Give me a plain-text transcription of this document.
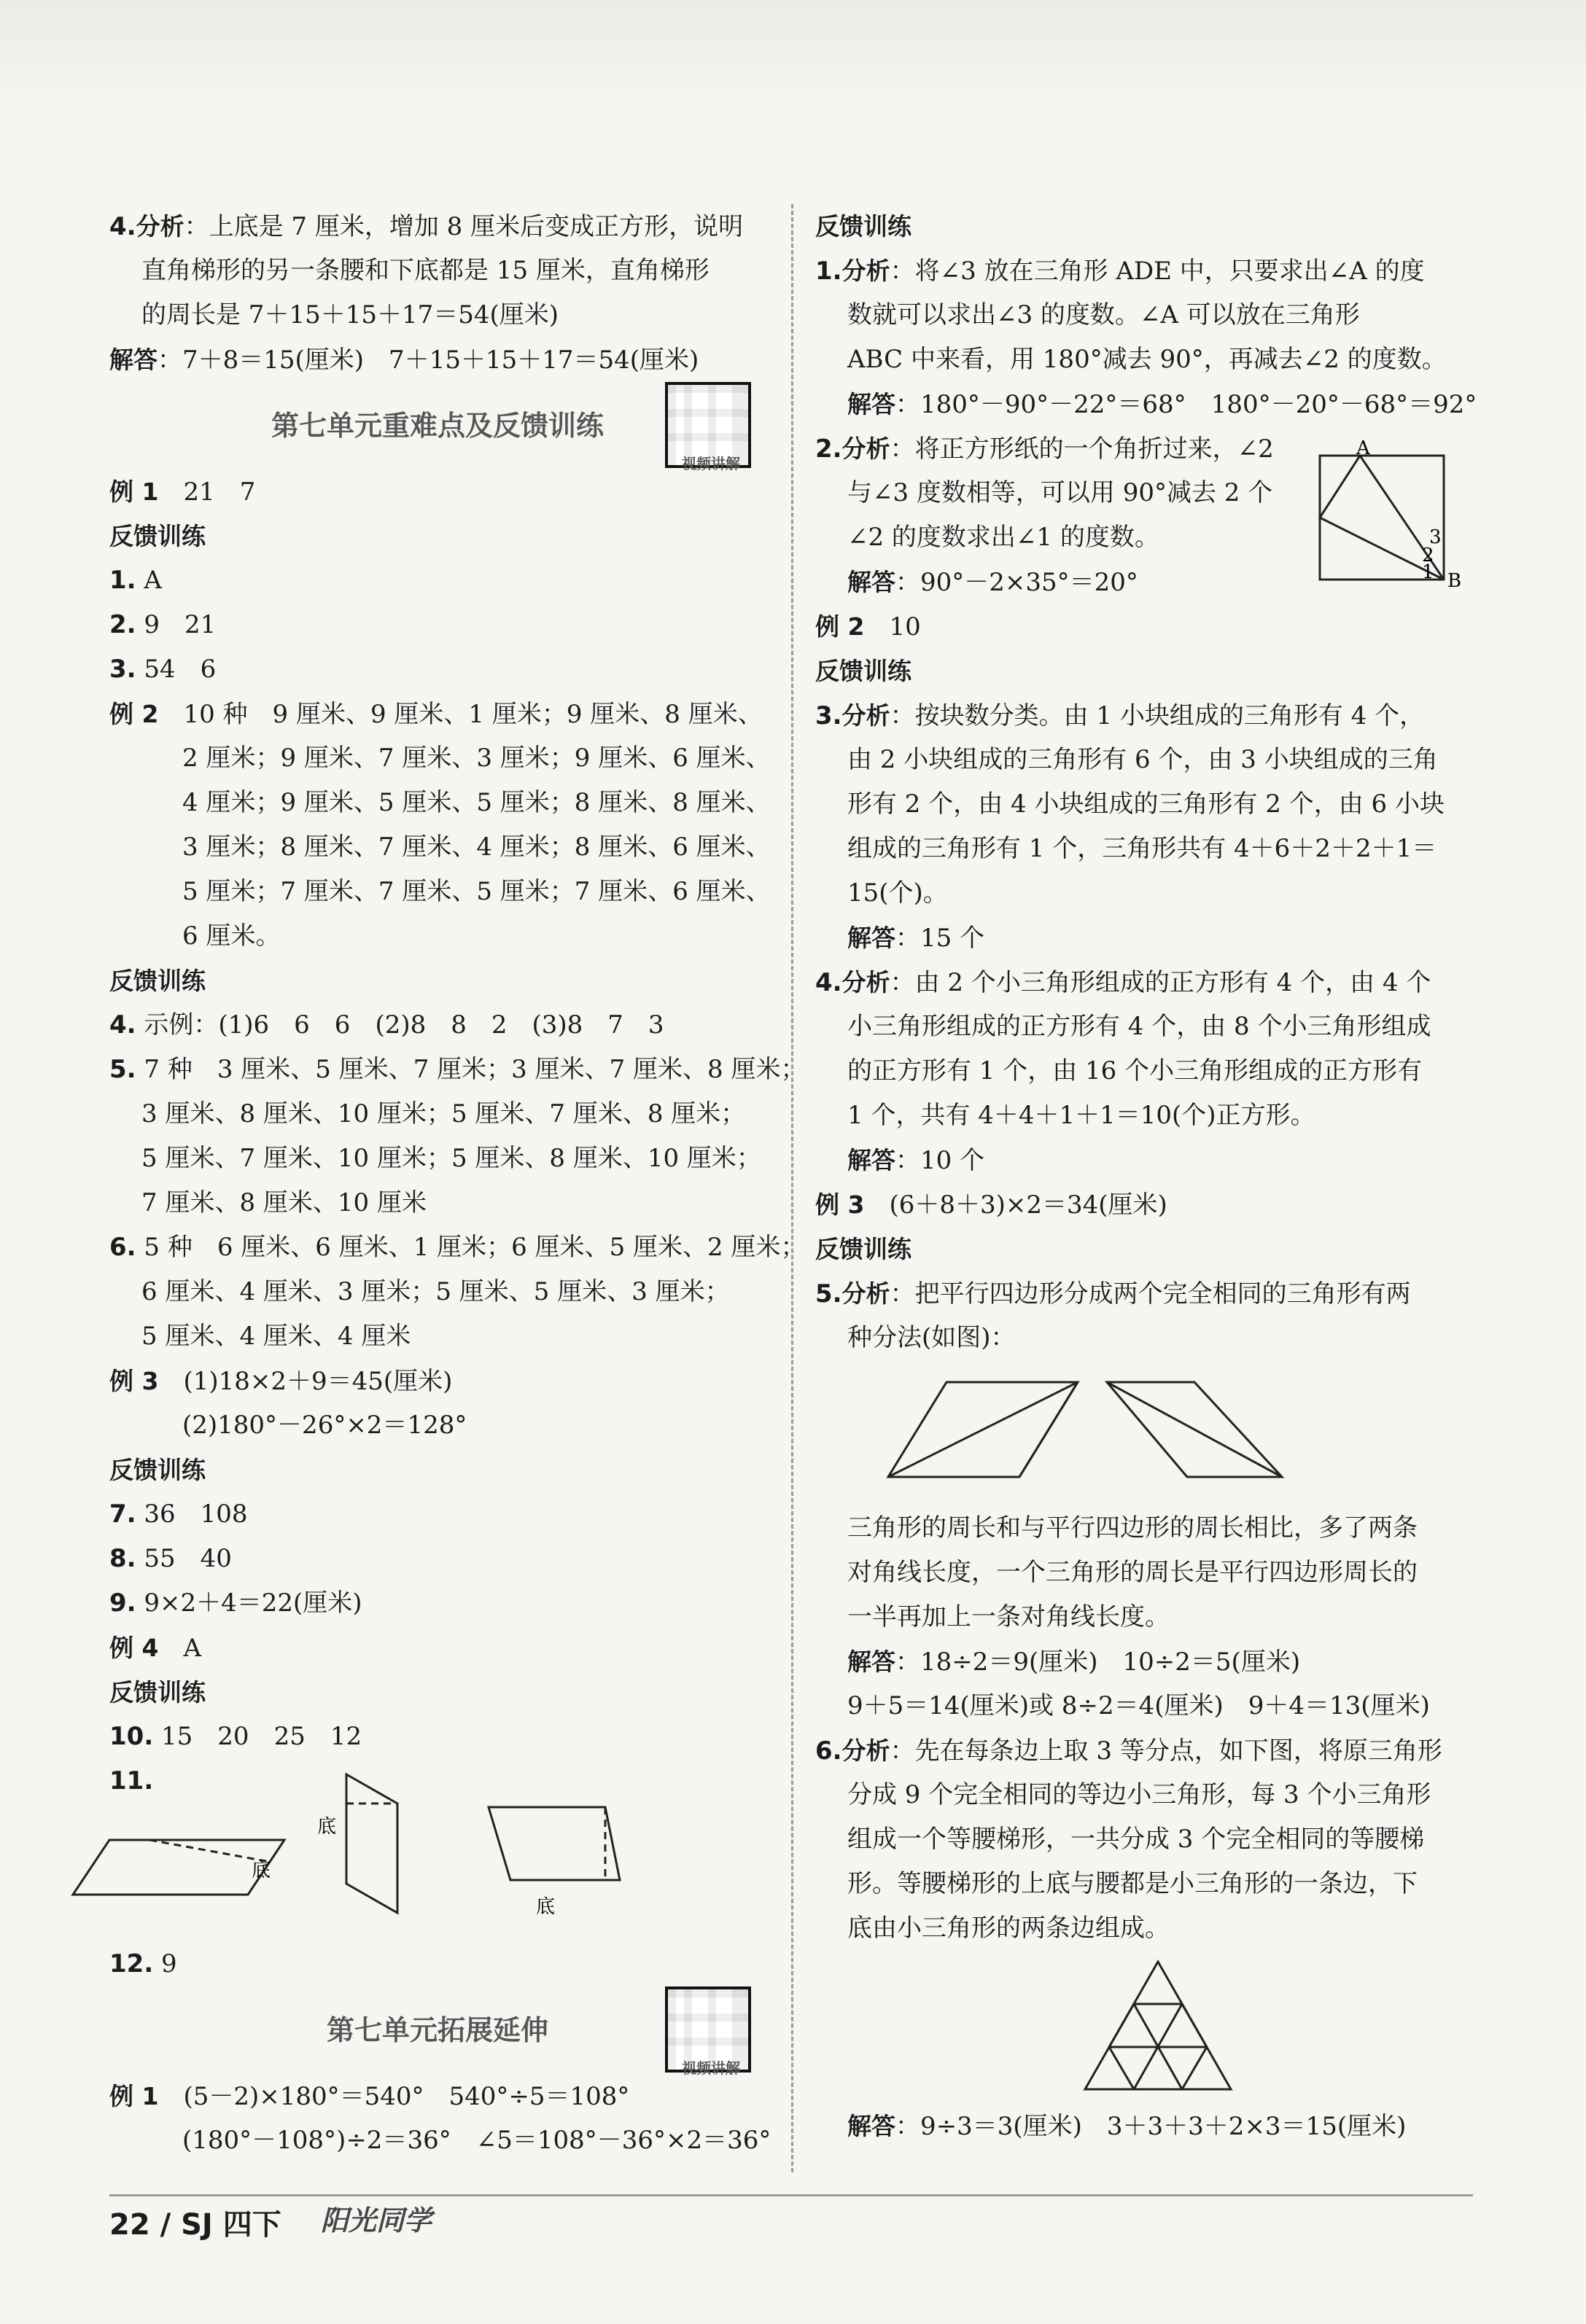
4.分析：上底是 7 厘米，增加 8 厘米后变成正方形，说明
直角梯形的另一条腰和下底都是 15 厘米，直角梯形
的周长是 7＋15＋15＋17＝54(厘米)
解答：7＋8＝15(厘米)　7＋15＋15＋17＝54(厘米)
第七单元重难点及反馈训练
视频讲解
例 1　21　7
反馈训练
1. A
2. 9　21
3. 54　6
例 2　10 种　9 厘米、9 厘米、1 厘米；9 厘米、8 厘米、
2 厘米；9 厘米、7 厘米、3 厘米；9 厘米、6 厘米、
4 厘米；9 厘米、5 厘米、5 厘米；8 厘米、8 厘米、
3 厘米；8 厘米、7 厘米、4 厘米；8 厘米、6 厘米、
5 厘米；7 厘米、7 厘米、5 厘米；7 厘米、6 厘米、
6 厘米。
反馈训练
4. 示例：(1)6　6　6　(2)8　8　2　(3)8　7　3
5. 7 种　3 厘米、5 厘米、7 厘米；3 厘米、7 厘米、8 厘米；
3 厘米、8 厘米、10 厘米；5 厘米、7 厘米、8 厘米；
5 厘米、7 厘米、10 厘米；5 厘米、8 厘米、10 厘米；
7 厘米、8 厘米、10 厘米
6. 5 种　6 厘米、6 厘米、1 厘米；6 厘米、5 厘米、2 厘米；
6 厘米、4 厘米、3 厘米；5 厘米、5 厘米、3 厘米；
5 厘米、4 厘米、4 厘米
例 3　(1)18×2＋9＝45(厘米)
(2)180°－26°×2＝128°
反馈训练
7. 36　108
8. 55　40
9. 9×2＋4＝22(厘米)
例 4　A
反馈训练
10. 15　20　25　12
11.
底
底
底
12. 9
第七单元拓展延伸
视频讲解
例 1　(5－2)×180°＝540°　540°÷5＝108°
(180°－108°)÷2＝36°　∠5＝108°－36°×2＝36°
反馈训练
1.分析：将∠3 放在三角形 ADE 中，只要求出∠A 的度
数就可以求出∠3 的度数。∠A 可以放在三角形
ABC 中来看，用 180°减去 90°，再减去∠2 的度数。
解答：180°－90°－22°＝68°　180°－20°－68°＝92°
2.分析：将正方形纸的一个角折过来，∠2
与∠3 度数相等，可以用 90°减去 2 个
∠2 的度数求出∠1 的度数。
解答：90°－2×35°＝20°
例 2　10
反馈训练
3.分析：按块数分类。由 1 小块组成的三角形有 4 个，
由 2 小块组成的三角形有 6 个，由 3 小块组成的三角
形有 2 个，由 4 小块组成的三角形有 2 个，由 6 小块
组成的三角形有 1 个，三角形共有 4＋6＋2＋2＋1＝
15(个)。
解答：15 个
4.分析：由 2 个小三角形组成的正方形有 4 个，由 4 个
小三角形组成的正方形有 4 个，由 8 个小三角形组成
的正方形有 1 个，由 16 个小三角形组成的正方形有
1 个，共有 4＋4＋1＋1＝10(个)正方形。
解答：10 个
例 3　(6＋8＋3)×2＝34(厘米)
反馈训练
5.分析：把平行四边形分成两个完全相同的三角形有两
种分法(如图)：
三角形的周长和与平行四边形的周长相比，多了两条
对角线长度，一个三角形的周长是平行四边形周长的
一半再加上一条对角线长度。
解答：18÷2＝9(厘米)　10÷2＝5(厘米)
9＋5＝14(厘米)或 8÷2＝4(厘米)　9＋4＝13(厘米)
6.分析：先在每条边上取 3 等分点，如下图，将原三角形
分成 9 个完全相同的等边小三角形，每 3 个小三角形
组成一个等腰梯形，一共分成 3 个完全相同的等腰梯
形。等腰梯形的上底与腰都是小三角形的一条边，下
底由小三角形的两条边组成。
解答：9÷3＝3(厘米)　3＋3＋3＋2×3＝15(厘米)
22 / SJ 四下 阳光同学
A
B
1
2
3
